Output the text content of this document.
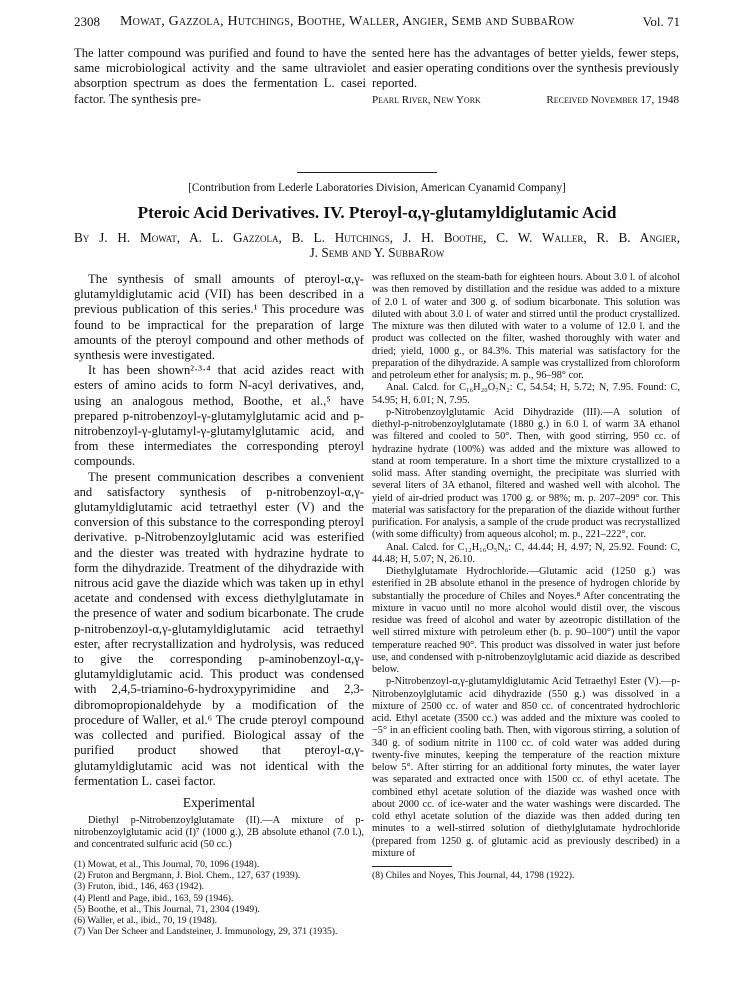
2308 Mowat, Gazzola, Hutchings, Boothe, Waller, Angier, Semb and SubbaRow	Vol. 71

The latter compound was purified and found to have the same microbiological activity and the same ultraviolet absorption spectrum as does the fermentation L. casei factor. The synthesis pre-

sented here has the advantages of better yields, fewer steps, and easier operating conditions over the synthesis previously reported.

Pearl River, New York	Received November 17, 1948
[Contribution from Lederle Laboratories Division, American Cyanamid Company]
Pteroic Acid Derivatives. IV. Pteroyl-α,γ-glutamyldiglutamic Acid
By J. H. Mowat, A. L. Gazzola, B. L. Hutchings, J. H. Boothe, C. W. Waller, R. B. Angier,
J. Semb and Y. SubbaRow

The synthesis of small amounts of pteroyl-α,γ-glutamyldiglutamic acid (VII) has been described in a previous publication of this series.¹ This procedure was found to be impractical for the preparation of large amounts of the pteroyl compound and other methods of synthesis were investigated.

It has been shown²·³·⁴ that acid azides react with esters of amino acids to form N-acyl derivatives, and, using an analogous method, Boothe, et al.,⁵ have prepared p-nitrobenzoyl-γ-glutamylglutamic acid and p-nitrobenzoyl-γ-glutamyl-γ-glutamylglutamic acid, and from these intermediates the corresponding pteroyl compounds.

The present communication describes a convenient and satisfactory synthesis of p-nitrobenzoyl-α,γ-glutamyldiglutamic acid tetraethyl ester (V) and the conversion of this substance to the corresponding pteroyl derivative. p-Nitrobenzoylglutamic acid was esterified and the diester was treated with hydrazine hydrate to form the dihydrazide. Treatment of the dihydrazide with nitrous acid gave the diazide which was taken up in ethyl acetate and condensed with excess diethylglutamate in the presence of water and sodium bicarbonate. The crude p-nitrobenzoyl-α,γ-glutamyldiglutamic acid tetraethyl ester, after recrystallization and hydrolysis, was reduced to give the corresponding p-aminobenzoyl-α,γ-glutamyldiglutamic acid. This product was condensed with 2,4,5-triamino-6-hydroxypyrimidine and 2,3-dibromopropionaldehyde by a modification of the procedure of Waller, et al.⁶ The crude pteroyl compound was collected and purified. Biological assay of the purified product showed that pteroyl-α,γ-glutamyldiglutamic acid was not identical with the fermentation L. casei factor.

Experimental

Diethyl p-Nitrobenzoylglutamate (II).—A mixture of p-nitrobenzoylglutamic acid (I)⁷ (1000 g.), 2B absolute ethanol (7.0 l.), and concentrated sulfuric acid (50 cc.)

(1) Mowat, et al., This Journal, 70, 1096 (1948).

(2) Fruton and Bergmann, J. Biol. Chem., 127, 637 (1939).

(3) Fruton, ibid., 146, 463 (1942).

(4) Plentl and Page, ibid., 163, 59 (1946).

(5) Boothe, et al., This Journal, 71, 2304 (1949).

(6) Waller, et al., ibid., 70, 19 (1948).

(7) Van Der Scheer and Landsteiner, J. Immunology, 29, 371 (1935).

was refluxed on the steam-bath for eighteen hours. About 3.0 l. of alcohol was then removed by distillation and the residue was added to a mixture of 2.0 l. of water and 300 g. of sodium bicarbonate. This solution was diluted with about 3.0 l. of water and stirred until the product crystallized. The mixture was then diluted with water to a volume of 12.0 l. and the product was collected on the filter, washed thoroughly with water and dried; yield, 1000 g., or 84.3%. This material was satisfactory for the preparation of the dihydrazide. A sample was crystallized from chloroform and petroleum ether for analysis; m. p., 96–98° cor.

Anal. Calcd. for C₁₆H₂₀O₇N₂: C, 54.54; H, 5.72; N, 7.95. Found: C, 54.95; H, 6.01; N, 7.95.

p-Nitrobenzoylglutamic Acid Dihydrazide (III).—A solution of diethyl-p-nitrobenzoylglutamate (1880 g.) in 6.0 l. of warm 3A ethanol was filtered and cooled to 50°. Then, with good stirring, 950 cc. of hydrazine hydrate (100%) was added and the mixture was allowed to stand at room temperature. In a short time the mixture crystallized to a solid mass. After standing overnight, the precipitate was slurried with several liters of 3A ethanol, filtered and washed well with alcohol. The yield of air-dried product was 1700 g. or 98%; m. p. 207–209° cor. This material was satisfactory for the preparation of the diazide without further purification. For analysis, a sample of the crude product was recrystallized (with some difficulty) from aqueous alcohol; m. p., 221–222°, cor.

Anal. Calcd. for C₁₂H₁₆O₅N₆: C, 44.44; H, 4.97; N, 25.92. Found: C, 44.48; H, 5.07; N, 26.10.

Diethylglutamate Hydrochloride.—Glutamic acid (1250 g.) was esterified in 2B absolute ethanol in the presence of hydrogen chloride by substantially the procedure of Chiles and Noyes.⁸ After concentrating the mixture in vacuo until no more alcohol would distil over, the viscous residue was freed of alcohol and water by azeotropic distillation of the well stirred mixture with petroleum ether (b. p. 90–100°) until the vapor temperature reached 90°. This product was dissolved in water just before use, and condensed with p-nitrobenzoylglutamic acid diazide as described below.

p-Nitrobenzoyl-α,γ-glutamyldiglutamic Acid Tetraethyl Ester (V).—p-Nitrobenzoylglutamic acid dihydrazide (550 g.) was dissolved in a mixture of 2500 cc. of water and 850 cc. of concentrated hydrochloric acid. Ethyl acetate (3500 cc.) was added and the mixture was cooled to −5° in an efficient cooling bath. Then, with vigorous stirring, a solution of 340 g. of sodium nitrite in 1100 cc. of cold water was added during twenty-five minutes, keeping the temperature of the reaction mixture below 5°. After stirring for an additional forty minutes, the water layer was separated and extracted once with 1500 cc. of ethyl acetate. The combined ethyl acetate solution of the diazide was washed once with about 2000 cc. of ice-water and the water washings were discarded. The cold ethyl acetate solution of the diazide was then added during ten minutes to a well-stirred solution of diethylglutamate hydrochloride (prepared from 1250 g. of glutamic acid as previously described) in a mixture of

(8) Chiles and Noyes, This Journal, 44, 1798 (1922).
